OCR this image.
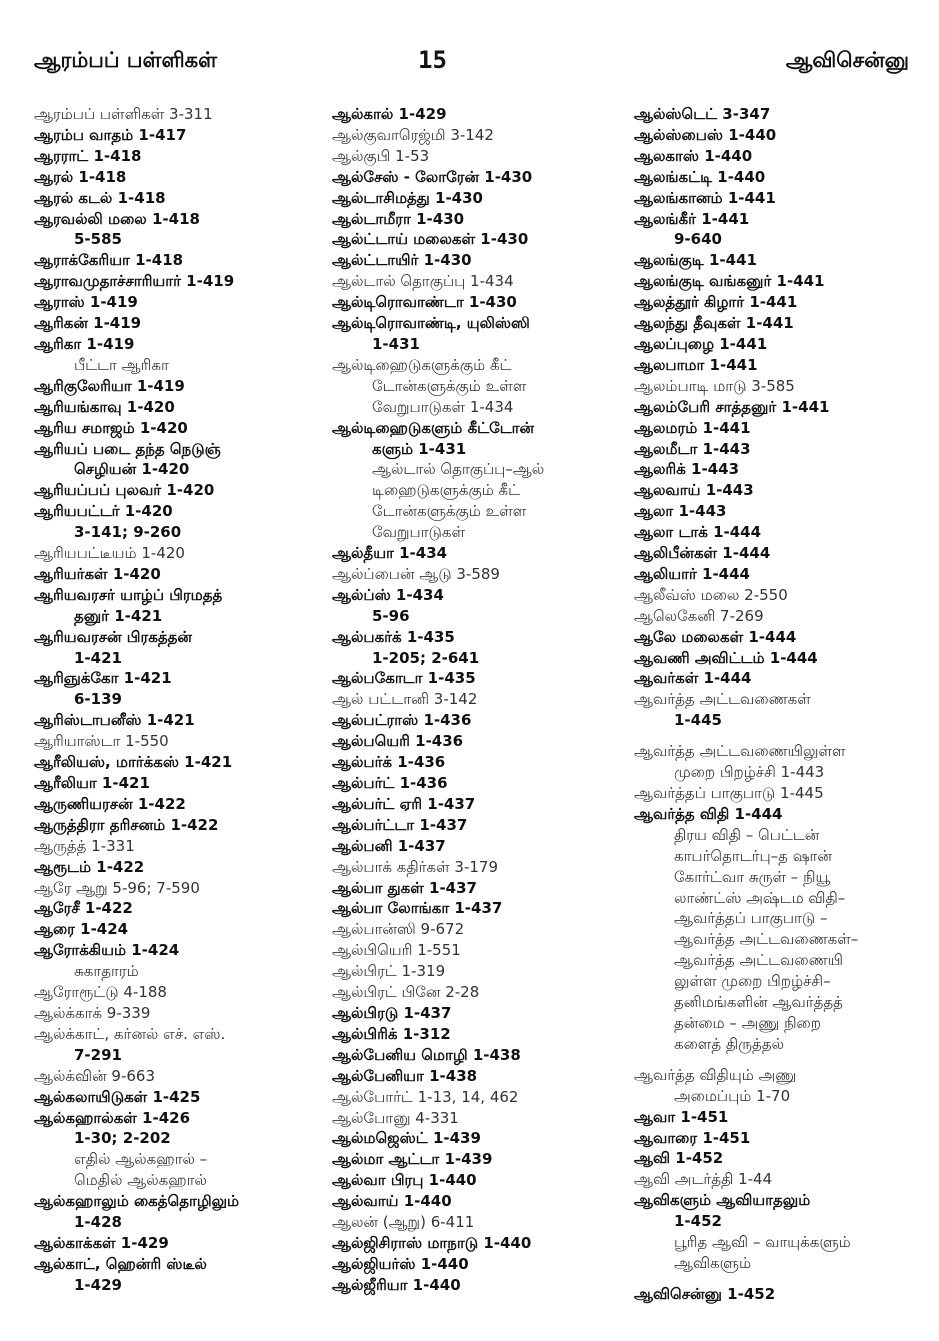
ஆரம்பப் பள்ளிகள்	15	ஆவிசென்னு
ஆரம்பப் பள்ளிகள் 3-311
ஆரம்ப வாதம் 1-417
ஆரராட் 1-418
ஆரல் 1-418
ஆரல் கடல் 1-418
ஆரவல்லி மலை 1-418
5-585
ஆராக்கேரியா 1-418
ஆராவமுதாச்சாரியார் 1-419
ஆராஸ் 1-419
ஆரிகன் 1-419
ஆரிகா 1-419
பீட்டா ஆரிகா
ஆரிகுலேரியா 1-419
ஆரியங்காவு 1-420
ஆரிய சமாஜம் 1-420
ஆரியப் படை தந்த நெடுஞ்
செழியன் 1-420
ஆரியப்பப் புலவர் 1-420
ஆரியபட்டர் 1-420
3-141; 9-260
ஆரியபட்டீயம் 1-420
ஆரியர்கள் 1-420
ஆரியவரசர் யாழ்ப் பிரமதத்
தனுர் 1-421
ஆரியவரசன் பிரகத்தன்
1-421
ஆரிஞுக்கோ 1-421
6-139
ஆரிஸ்டாபனீஸ் 1-421
ஆரியாஸ்டா 1-550
ஆரீலியஸ், மார்க்கஸ் 1-421
ஆரீலியா 1-421
ஆருணியரசன் 1-422
ஆருத்திரா தரிசனம் 1-422
ஆருத்த் 1-331
ஆரூடம் 1-422
ஆரே ஆறு 5-96; 7-590
ஆரேசீ 1-422
ஆரை 1-424
ஆரோக்கியம் 1-424
சுகாதாரம்
ஆரோரூட்டு 4-188
ஆல்க்காக் 9-339
ஆல்க்காட், கர்னல் எச். எஸ்.
7-291
ஆல்க்வின் 9-663
ஆல்கலாயிடுகள் 1-425
ஆல்கஹால்கள் 1-426
1-30; 2-202
எதில் ஆல்கஹால் –
மெதில் ஆல்கஹால்
ஆல்கஹாலும் கைத்தொழிலும்
1-428
ஆல்காக்கள் 1-429
ஆல்காட், ஹென்ரி ஸ்டீல்
1-429
ஆல்கால் 1-429
ஆல்குவாரெஜ்மி 3-142
ஆல்குபி 1-53
ஆல்சேஸ் - லோரேன் 1-430
ஆல்டாசிமத்து 1-430
ஆல்டாமீரா 1-430
ஆல்ட்டாய் மலைகள் 1-430
ஆல்ட்டாயிர் 1-430
ஆல்டால் தொகுப்பு 1-434
ஆல்டிரொவாண்டா 1-430
ஆல்டிரொவாண்டி, யுலிஸ்ஸி
1-431
ஆல்டிஹைடுகளுக்கும் கீட்
டோன்களுக்கும் உள்ள
வேறுபாடுகள் 1-434
ஆல்டிஹைடுகளும் கீட்டோன்
களும் 1-431
ஆல்டால் தொகுப்பு–ஆல்
டிஹைடுகளுக்கும் கீட்
டோன்களுக்கும் உள்ள
வேறுபாடுகள்
ஆல்தீயா 1-434
ஆல்ப்பைன் ஆடு 3-589
ஆல்ப்ஸ் 1-434
5-96
ஆல்பகர்க் 1-435
1-205; 2-641
ஆல்பகோடா 1-435
ஆல் பட்டானி 3-142
ஆல்பட்ராஸ் 1-436
ஆல்பயெரி 1-436
ஆல்பர்க் 1-436
ஆல்பர்ட் 1-436
ஆல்பர்ட் ஏரி 1-437
ஆல்பர்ட்டா 1-437
ஆல்பனி 1-437
ஆல்பாக் கதிர்கள் 3-179
ஆல்பா துகள் 1-437
ஆல்பா லோங்கா 1-437
ஆல்பான்ஸி 9-672
ஆல்பியெரி 1-551
ஆல்பிரட் 1-319
ஆல்பிரட் பினே 2-28
ஆல்பிரடு 1-437
ஆல்பிரிக் 1-312
ஆல்பேனிய மொழி 1-438
ஆல்பேனியா 1-438
ஆல்போர்ட் 1-13, 14, 462
ஆல்போனு 4-331
ஆல்மஜெஸ்ட் 1-439
ஆல்மா ஆட்டா 1-439
ஆல்வா பிரபு 1-440
ஆல்வாய் 1-440
ஆலன் (ஆறு) 6-411
ஆல்ஜிசிராஸ் மாநாடு 1-440
ஆல்ஜியர்ஸ் 1-440
ஆல்ஜீரியா 1-440
ஆல்ஸ்டெட் 3-347
ஆல்ஸ்பைஸ் 1-440
ஆலகாஸ் 1-440
ஆலங்கட்டி 1-440
ஆலங்கானம் 1-441
ஆலங்கீர் 1-441
9-640
ஆலங்குடி 1-441
ஆலங்குடி வங்கனுர் 1-441
ஆலத்தூர் கிழார் 1-441
ஆலந்து தீவுகள் 1-441
ஆலப்புழை 1-441
ஆலபாமா 1-441
ஆலம்பாடி மாடு 3-585
ஆலம்பேரி சாத்தனுர் 1-441
ஆலமரம் 1-441
ஆலமீடா 1-443
ஆலரிக் 1-443
ஆலவாய் 1-443
ஆலா 1-443
ஆலா டாக் 1-444
ஆலிபீன்கள் 1-444
ஆலியார் 1-444
ஆலீவ்ஸ் மலை 2-550
ஆலெகேனி 7-269
ஆலே மலைகள் 1-444
ஆவணி அவிட்டம் 1-444
ஆவர்கள் 1-444
ஆவர்த்த அட்டவணைகள்
1-445
ஆவர்த்த அட்டவணையிலுள்ள
முறை பிறழ்ச்சி 1-443
ஆவர்த்தப் பாகுபாடு 1-445
ஆவர்த்த விதி 1-444
திரய விதி – பெட்டன்
காபர்தொடர்பு–த ஷான்
கோர்ட்வா சுருள் – நியூ
லாண்ட்ஸ் அஷ்டம விதி–
ஆவர்த்தப் பாகுபாடு –
ஆவர்த்த அட்டவணைகள்–
ஆவர்த்த அட்டவணையி
லுள்ள முறை பிறழ்ச்சி–
தனிமங்களின் ஆவர்த்தத்
தன்மை – அணு நிறை
களைத் திருத்தல்
ஆவர்த்த விதியும் அணு
அமைப்பும் 1-70
ஆவா 1-451
ஆவாரை 1-451
ஆவி 1-452
ஆவி அடர்த்தி 1-44
ஆவிகளும் ஆவியாதலும்
1-452
பூரித ஆவி – வாயுக்களும்
ஆவிகளும்
ஆவிசென்னு 1-452
